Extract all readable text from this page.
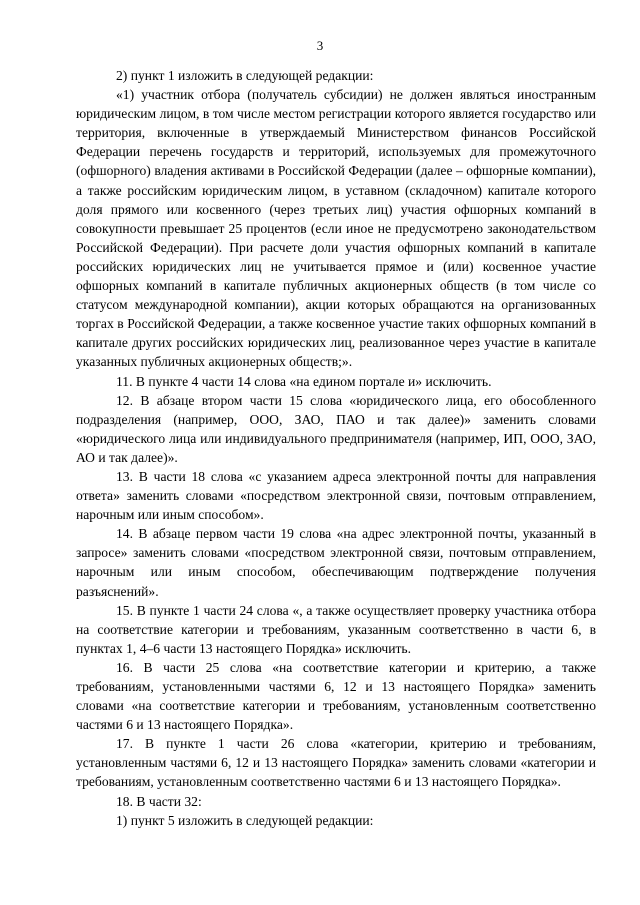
3

2) пункт 1 изложить в следующей редакции:

«1) участник отбора (получатель субсидии) не должен являться иностранным юридическим лицом, в том числе местом регистрации которого является государство или территория, включенные в утверждаемый Министерством финансов Российской Федерации перечень государств и территорий, используемых для промежуточного (офшорного) владения активами в Российской Федерации (далее – офшорные компании), а также российским юридическим лицом, в уставном (складочном) капитале которого доля прямого или косвенного (через третьих лиц) участия офшорных компаний в совокупности превышает 25 процентов (если иное не предусмотрено законодательством Российской Федерации). При расчете доли участия офшорных компаний в капитале российских юридических лиц не учитывается прямое и (или) косвенное участие офшорных компаний в капитале публичных акционерных обществ (в том числе со статусом международной компании), акции которых обращаются на организованных торгах в Российской Федерации, а также косвенное участие таких офшорных компаний в капитале других российских юридических лиц, реализованное через участие в капитале указанных публичных акционерных обществ;».

11. В пункте 4 части 14 слова «на едином портале и» исключить.

12. В абзаце втором части 15 слова «юридического лица, его обособленного подразделения (например, ООО, ЗАО, ПАО и так далее)» заменить словами «юридического лица или индивидуального предпринимателя (например, ИП, ООО, ЗАО, АО и так далее)».

13. В части 18 слова «с указанием адреса электронной почты для направления ответа» заменить словами «посредством электронной связи, почтовым отправлением, нарочным или иным способом».

14. В абзаце первом части 19 слова «на адрес электронной почты, указанный в запросе» заменить словами «посредством электронной связи, почтовым отправлением, нарочным или иным способом, обеспечивающим подтверждение получения разъяснений».

15. В пункте 1 части 24 слова «, а также осуществляет проверку участника отбора на соответствие категории и требованиям, указанным соответственно в части 6, в пунктах 1, 4–6 части 13 настоящего Порядка» исключить.

16. В части 25 слова «на соответствие категории и критерию, а также требованиям, установленными частями 6, 12 и 13 настоящего Порядка» заменить словами «на соответствие категории и требованиям, установленным соответственно частями 6 и 13 настоящего Порядка».

17. В пункте 1 части 26 слова «категории, критерию и требованиям, установленным частями 6, 12 и 13 настоящего Порядка» заменить словами «категории и требованиям, установленным соответственно частями 6 и 13 настоящего Порядка».

18. В части 32:

1) пункт 5 изложить в следующей редакции:
